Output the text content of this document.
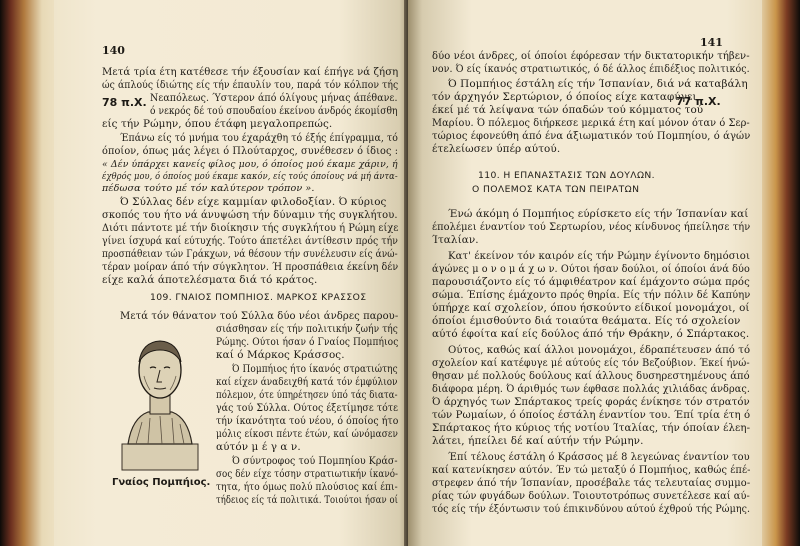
140
Μετά τρία έτη κατέθεσε τήν έξουσίαν καί έπήγε νά ζήση
ώς άπλούς ίδιώτης είς τήν έπαυλίν του, παρά τόν κόλπον τής
78 π.Χ. Νεαπόλεως. Ύστερον άπό όλίγους μήνας άπέθανε.
ό νεκρός δέ τού σπουδαίου έκείνου άνδρός έκομίσθη
είς τήν Ρώμην, όπου έτάφη μεγαλοπρεπώς.
Έπάνω είς τό μνήμα του έχαράχθη τό έξής έπίγραμμα, τό
όποίον, όπως μάς λέγει ό Πλούταρχος, συνέθεσεν ό ίδιος :
« Δέν ύπάρχει κανείς φίλος μου, ό όποίος μού έκαμε χάριν, ή
έχθρός μου, ό όποίος μού έκαμε κακόν, είς τούς όποίους νά μή άντα-
πέδωσα τούτο μέ τόν καλύτερον τρόπον ».
Ό Σύλλας δέν είχε καμμίαν φιλοδοξίαν. Ό κύριος
σκοπός του ήτο νά άνυψώση τήν δύναμιν τής συγκλήτου.
Διότι πάντοτε μέ τήν διοίκησιν τής συγκλήτου ή Ρώμη είχε
γίνει ίσχυρά καί εύτυχής. Τούτο άπετέλει άντίθεσιν πρός τήν
προσπάθειαν τών Γράκχων, νά θέσουν τήν συνέλευσιν είς άνώ-
τέραν μοίραν άπό τήν σύγκλητον. Ή προσπάθεια έκείνη δέν
είχε καλά άποτελέσματα διά τό κράτος.
109. ΓΝΑΙΟΣ ΠΟΜΠΗΙΟΣ. ΜΑΡΚΟΣ ΚΡΑΣΣΟΣ
Μετά τόν θάνατον τού Σύλλα δύο νέοι άνδρες παρου-
σιάσθησαν είς τήν πολιτικήν ζωήν τής
Ρώμης. Ούτοι ήσαν ό Γναίος Πομπήιος
καί ό Μάρκος Κράσσος.
Ό Πομπήιος ήτο ίκανός στρατιώτης
καί είχεν άναδειχθή κατά τόν έμφύλιον
πόλεμον, ότε ύπηρέτησεν ύπό τάς διατα-
γάς τού Σύλλα. Ούτος έξετίμησε τότε
τήν ίκανότητα τού νέου, ό όποίος ήτο
μόλις είκοσι πέντε έτών, καί ώνόμασεν
αύτόν μ έ γ α ν.
Ό σύντροφος τού Πομπηίου Κράσ-
σος δέν είχε τόσην στρατιωτικήν ίκανό-
τητα, ήτο όμως πολύ πλούσιος καί έπι-
τήδειος είς τά πολιτικά. Τοιούτοι ήσαν οί
Γναίος Πομπήιος.
141
δύο νέοι άνδρες, οί όποίοι έφόρεσαν τήν δικτατορικήν τήβεν-
νον. Ό είς ίκανός στρατιωτικός, ό δέ άλλος έπιδέξιος πολιτικός.
Ό Πομπήιος έστάλη είς τήν Ίσπανίαν, διά νά καταβάλη
τόν άρχηγόν Σερτώριον, ό όποίος είχε καταφύγει
77 π.Χ.
έκεί μέ τά λείψανα τών όπαδών τού κόμματος τού
Μαρίου. Ό πόλεμος διήρκεσε μερικά έτη καί μόνον όταν ό Σερ-
τώριος έφονεύθη άπό ένα άξιωματικόν τού Πομπηίου, ό άγών
έτελείωσεν ύπέρ αύτού.
110. Η ΕΠΑΝΑΣΤΑΣΙΣ ΤΩΝ ΔΟΥΛΩΝ.
Ο ΠΟΛΕΜΟΣ ΚΑΤΑ ΤΩΝ ΠΕΙΡΑΤΩΝ
Ένώ άκόμη ό Πομπήιος εύρίσκετο είς τήν Ίσπανίαν καί
έπολέμει έναντίον τού Σερτωρίου, νέος κίνδυνος ήπείλησε τήν
Ίταλίαν.
Κατ' έκείνον τόν καιρόν είς τήν Ρώμην έγίνοντο δημόσιοι
άγώνες μ ο ν ο μ ά χ ω ν. Ούτοι ήσαν δούλοι, οί όποίοι άνά δύο
παρουσιάζοντο είς τό άμφιθέατρον καί έμάχοντο σώμα πρός
σώμα. Έπίσης έμάχοντο πρός θηρία. Είς τήν πόλιν δέ Καπύην
ύπήρχε καί σχολείον, όπου ήσκούντο είδικοί μονομάχοι, οί
όποίοι έμισθούντο διά τοιαύτα θεάματα. Είς τό σχολείον
αύτό έφοίτα καί είς δούλος άπό τήν Θράκην, ό Σπάρτακος.
Ούτος, καθώς καί άλλοι μονομάχοι, έδραπέτευσεν άπό τό
σχολείον καί κατέφυγε μέ αύτούς είς τόν Βεζούβιον. Έκεί ήνώ-
θησαν μέ πολλούς δούλους καί άλλους δυσηρεστημένους άπό
διάφορα μέρη. Ό άριθμός των έφθασε πολλάς χιλιάδας άνδρας.
Ό άρχηγός των Σπάρτακος τρείς φοράς ένίκησε τόν στρατόν
τών Ρωμαίων, ό όποίος έστάλη έναντίον του. Έπί τρία έτη ό
Σπάρτακος ήτο κύριος τής νοτίου Ίταλίας, τήν όποίαν έλεη-
λάτει, ήπείλει δέ καί αύτήν τήν Ρώμην.
Έπί τέλους έστάλη ό Κράσσος μέ 8 λεγεώνας έναντίον του
καί κατενίκησεν αύτόν. Έν τώ μεταξύ ό Πομπήιος, καθώς έπέ-
στρεφεν άπό τήν Ίσπανίαν, προσέβαλε τάς τελευταίας συμμο-
ρίας τών φυγάδων δούλων. Τοιουτοτρόπως συνετέλεσε καί αύ-
τός είς τήν έξόντωσιν τού έπικινδύνου αύτού έχθρού τής Ρώμης.
